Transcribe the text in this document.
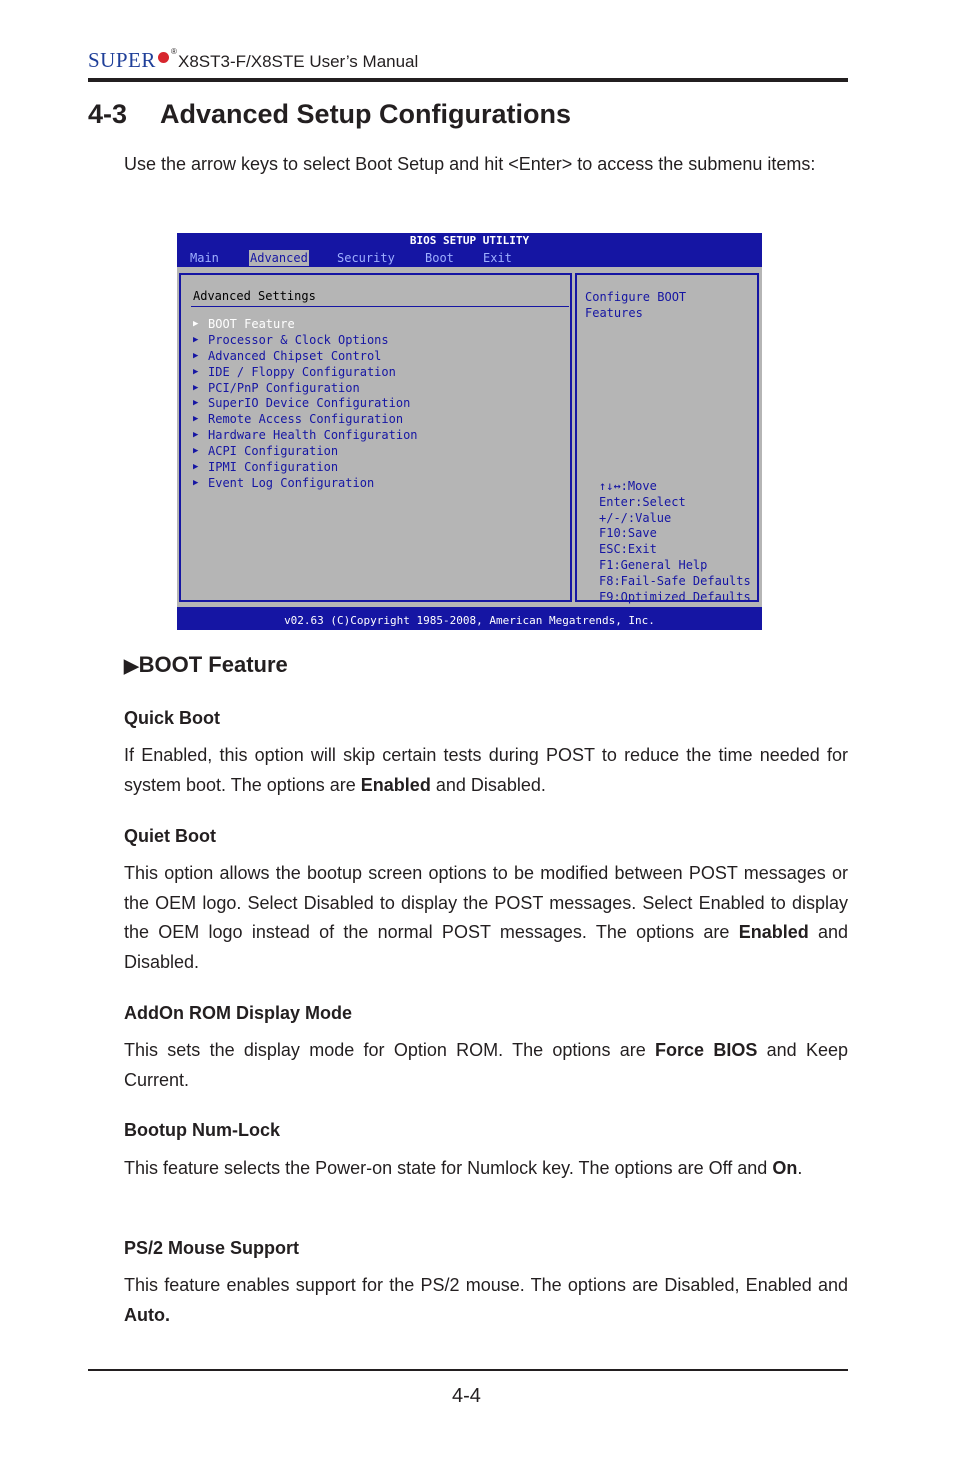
SUPER ®
X8ST3-F/X8STE User’s Manual
4-3 Advanced Setup Configurations

Use the arrow keys to select Boot Setup and hit <Enter> to access the submenu items:

BIOS SETUP UTILITY
Main	Advanced Security	Boot Exit
Advanced Settings
▶ BOOT Feature
▶ Processor & Clock Options
▶ Advanced Chipset Control
▶ IDE / Floppy Configuration
▶ PCI/PnP Configuration
▶ SuperIO Device Configuration
▶ Remote Access Configuration
▶ Hardware Health Configuration
▶ ACPI Configuration
▶ IPMI Configuration
▶ Event Log Configuration
Configure BOOT
Features
↑↓↔:Move
Enter:Select
+/-/:Value
F10:Save
ESC:Exit
F1:General Help
F8:Fail-Safe Defaults
F9:Optimized Defaults
v02.63 (C)Copyright 1985-2008, American Megatrends, Inc.
▶BOOT Feature
Quick Boot

If Enabled, this option will skip certain tests during POST to reduce the time needed for system boot. The options are Enabled and Disabled.

Quiet Boot

This option allows the bootup screen options to be modified between POST messages or the OEM logo. Select Disabled to display the POST messages. Select Enabled to display the OEM logo instead of the normal POST messages. The options are Enabled and Disabled.

AddOn ROM Display Mode

This sets the display mode for Option ROM. The options are Force BIOS and Keep Current.

Bootup Num-Lock

This feature selects the Power-on state for Numlock key. The options are Off and On.

PS/2 Mouse Support

This feature enables support for the PS/2 mouse. The options are Disabled, Enabled and Auto.

4-4
